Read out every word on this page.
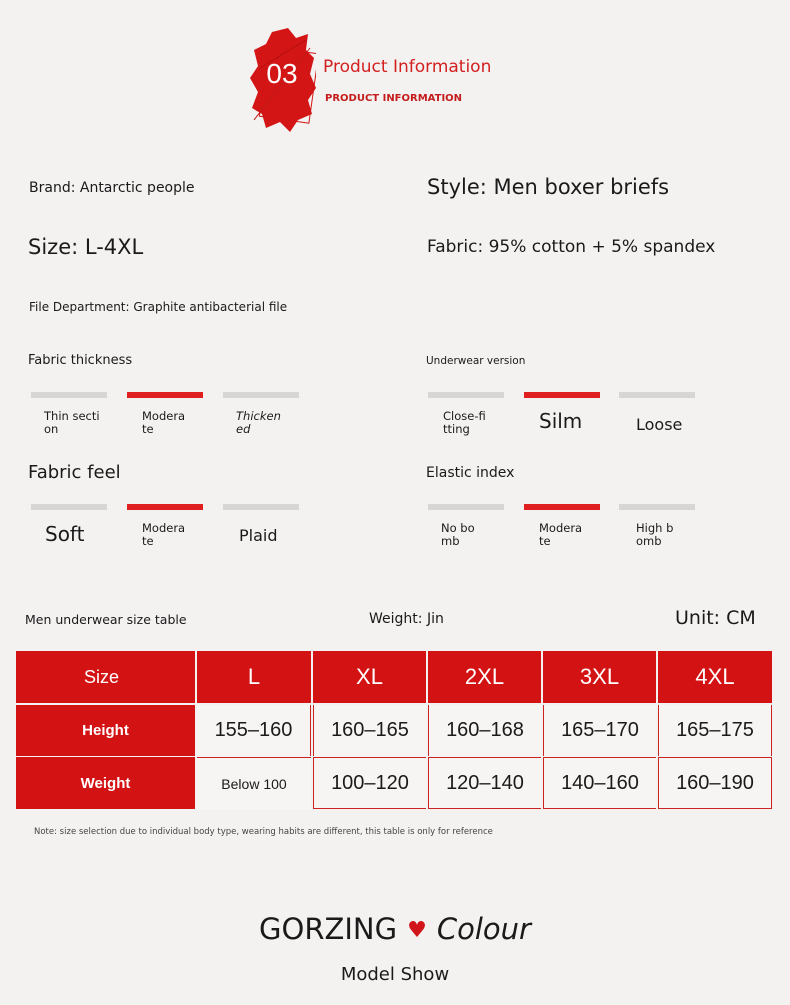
03	Product Information
PRODUCT INFORMATION
Brand: Antarctic people	Style: Men boxer briefs
Size: L-4XL	Fabric: 95% cotton + 5% spandex
File Department: Graphite antibacterial file
Fabric thickness
Thin section
Moderate
Thickened
Underwear version
Close-fitting	Silm	Loose
Fabric feel
Soft	Moderate	Plaid
Elastic index
No bomb
Moderate
High bomb
Men underwear size table	Weight: Jin	Unit: CM
Size	L	XL	2XL	3XL	4XL
Height	155–160	160–165	160–168	165–170	165–175
Weight	Below 100	100–120	120–140	140–160	160–190
Note: size selection due to individual body type, wearing habits are different, this table is only for reference
GORZING ♥ Colour
Model Show
